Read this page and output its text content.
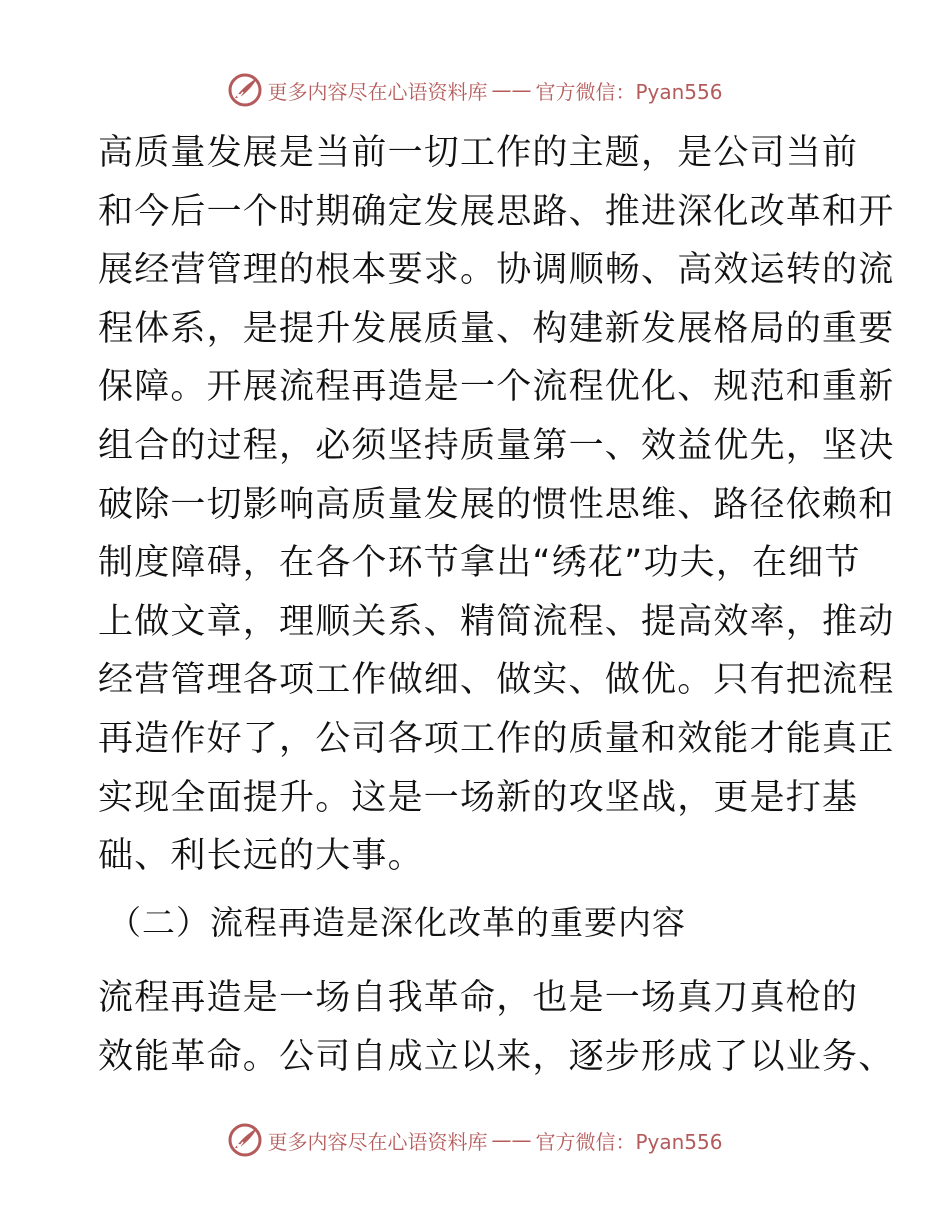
更多内容尽在心语资料库 —— 官方微信：Pyan556

高质量发展是当前一切工作的主题，是公司当前
和今后一个时期确定发展思路、推进深化改革和开
展经营管理的根本要求。协调顺畅、高效运转的流
程体系，是提升发展质量、构建新发展格局的重要
保障。开展流程再造是一个流程优化、规范和重新
组合的过程，必须坚持质量第一、效益优先，坚决
破除一切影响高质量发展的惯性思维、路径依赖和
制度障碍，在各个环节拿出“绣花”功夫，在细节
上做文章，理顺关系、精简流程、提高效率，推动
经营管理各项工作做细、做实、做优。只有把流程
再造作好了，公司各项工作的质量和效能才能真正
实现全面提升。这是一场新的攻坚战，更是打基
础、利长远的大事。

（二）流程再造是深化改革的重要内容

流程再造是一场自我革命，也是一场真刀真枪的
效能革命。公司自成立以来，逐步形成了以业务、

更多内容尽在心语资料库 —— 官方微信：Pyan556
